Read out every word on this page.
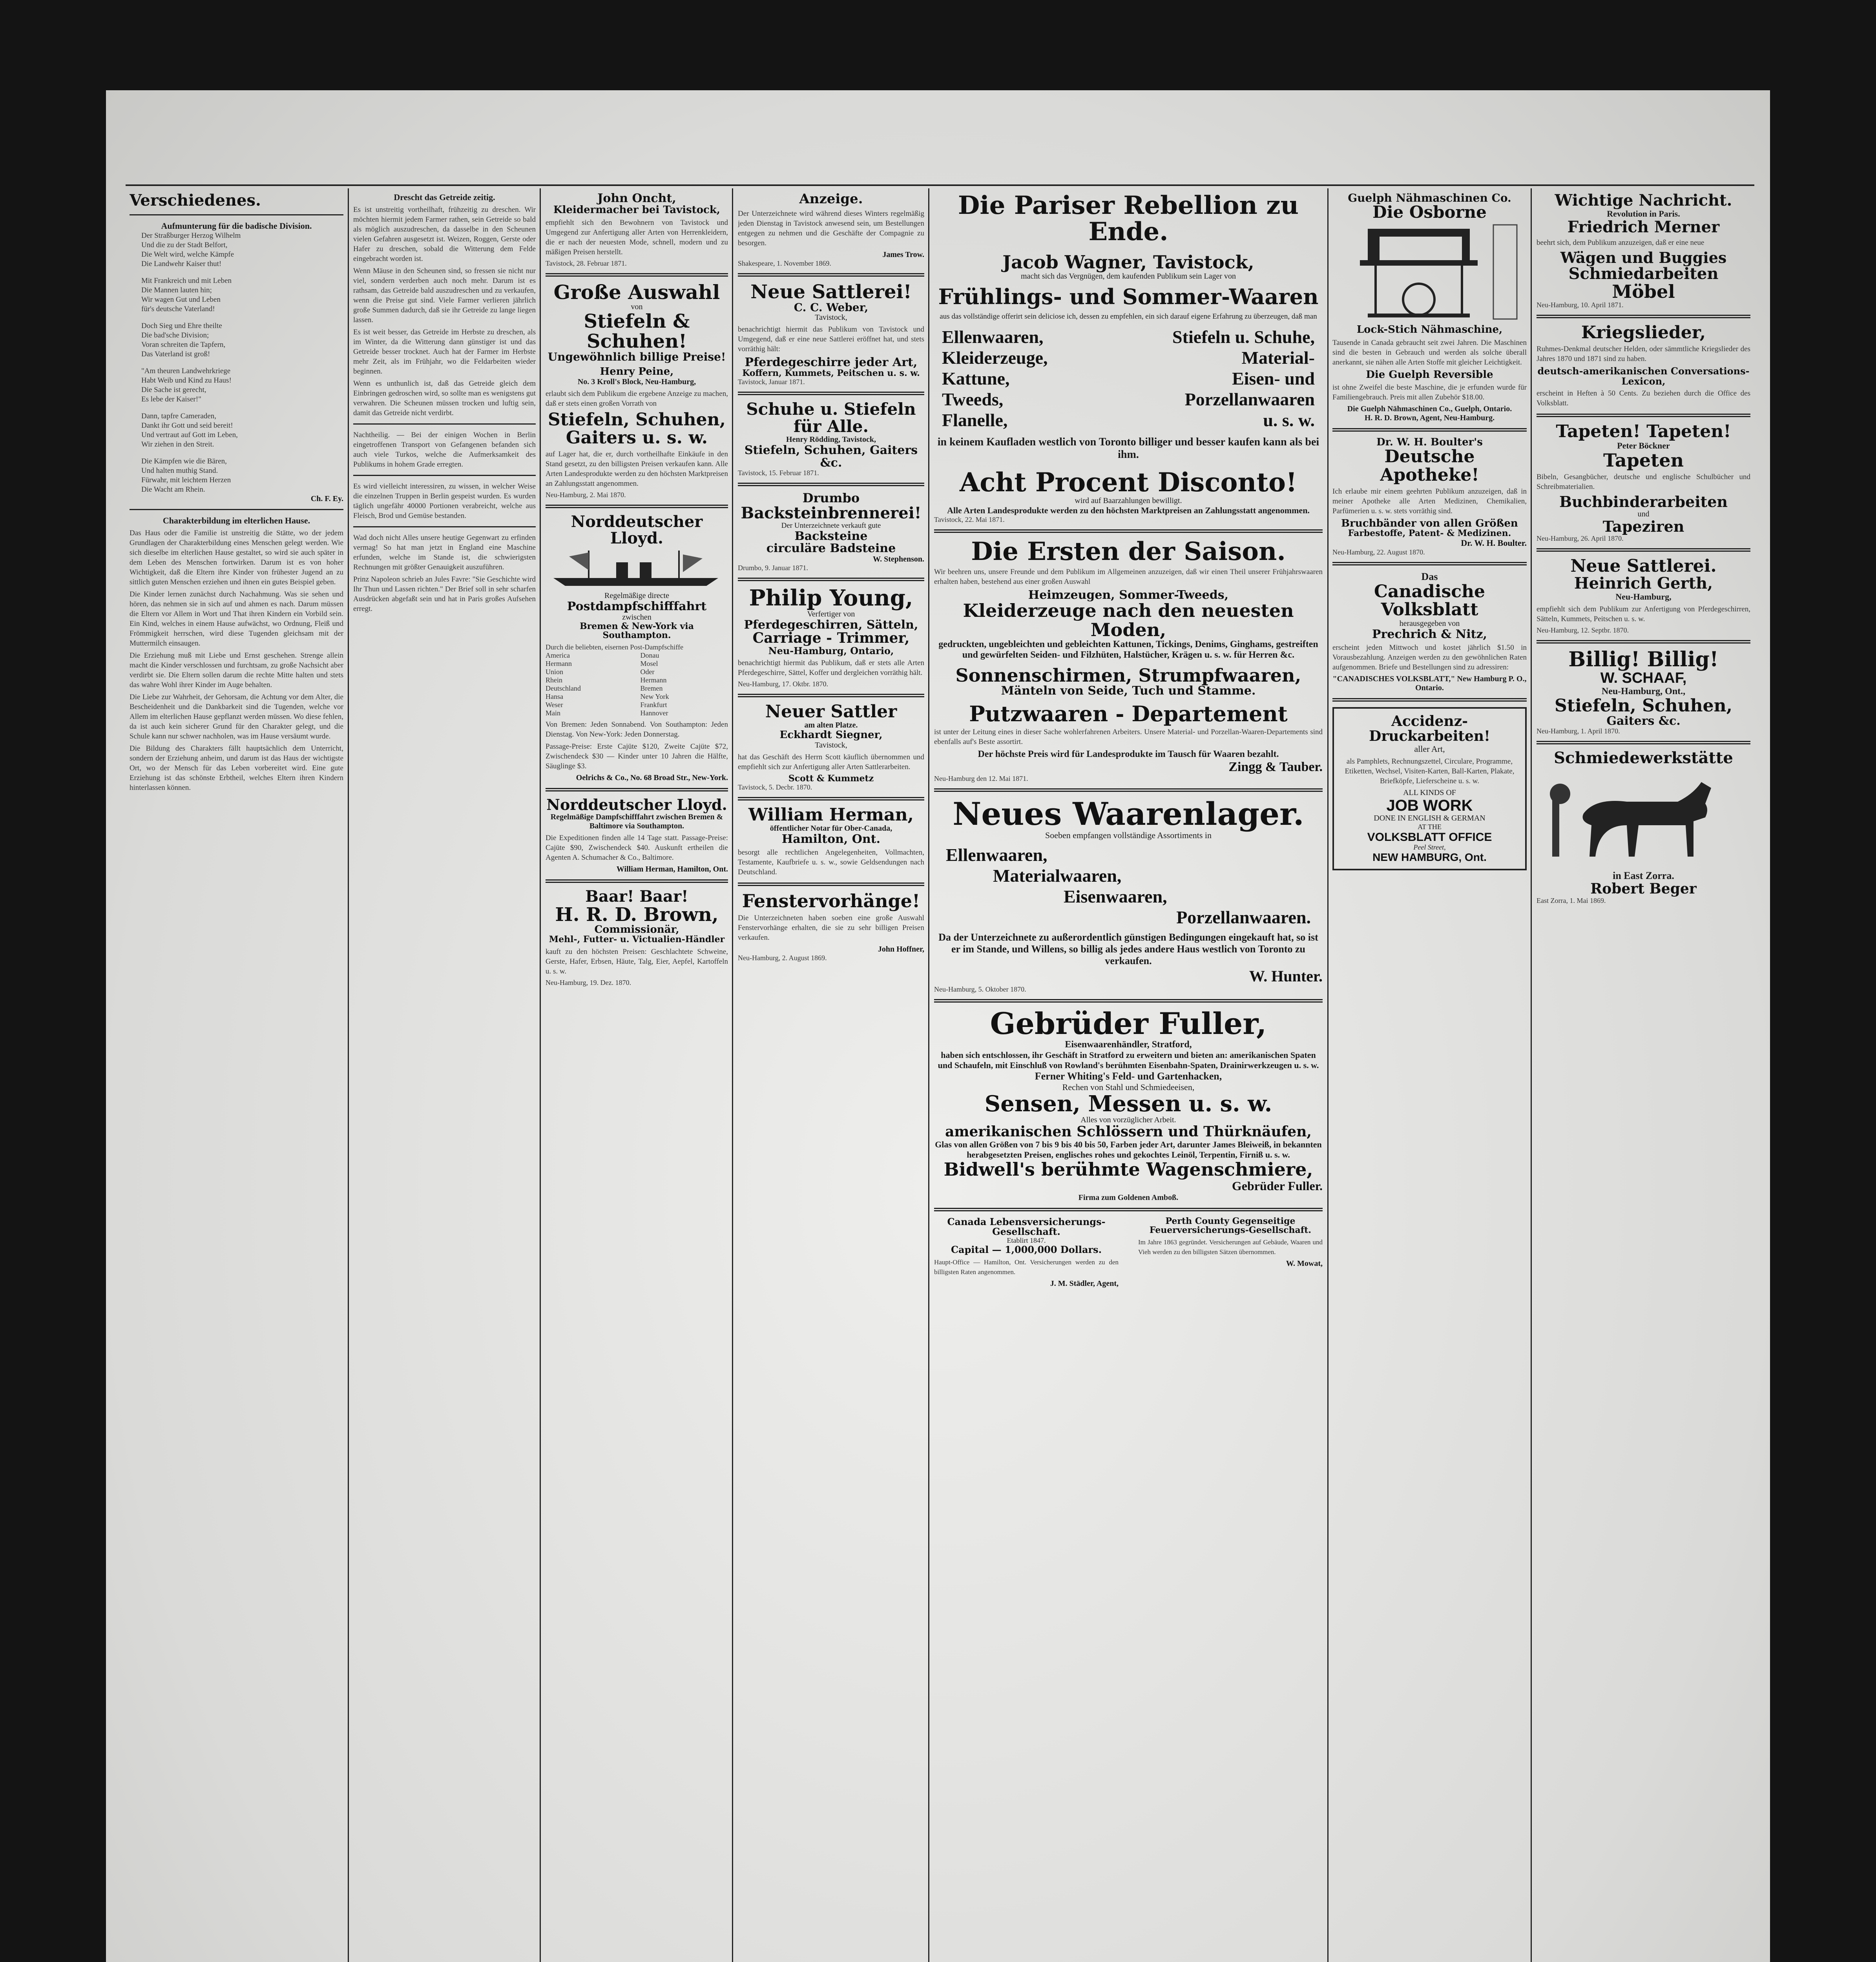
Verschiedenes.
Aufmunterung für die badische Division.
Der Straßburger Herzog Wilhelm
Und die zu der Stadt Belfort,
Die Welt wird, welche Kämpfe
Die Landwehr Kaiser thut!

Mit Frankreich und mit Leben
Die Mannen lauten hin;
Wir wagen Gut und Leben
für's deutsche Vaterland!

Doch Sieg und Ehre theilte
Die bad'sche Division;
Voran schreiten die Tapfern,
Das Vaterland ist groß!

"Am theuren Landwehrkriege
Habt Weib und Kind zu Haus!
Die Sache ist gerecht,
Es lebe der Kaiser!"

Dann, tapfre Cameraden,
Dankt ihr Gott und seid bereit!
Und vertraut auf Gott im Leben,
Wir ziehen in den Streit.

Die Kämpfen wie die Bären,
Und halten muthig Stand.
Fürwahr, mit leichtem Herzen
Die Wacht am Rhein.
Ch. F. Ey.
Charakterbildung im elterlichen Hause.

Das Haus oder die Familie ist unstreitig die Stätte, wo der jedem Grundlagen der Charakterbildung eines Menschen gelegt werden. Wie sich dieselbe im elterlichen Hause gestaltet, so wird sie auch später in dem Leben des Menschen fortwirken. Darum ist es von hoher Wichtigkeit, daß die Eltern ihre Kinder von frühester Jugend an zu sittlich guten Menschen erziehen und ihnen ein gutes Beispiel geben.

Die Kinder lernen zunächst durch Nachahmung. Was sie sehen und hören, das nehmen sie in sich auf und ahmen es nach. Darum müssen die Eltern vor Allem in Wort und That ihren Kindern ein Vorbild sein. Ein Kind, welches in einem Hause aufwächst, wo Ordnung, Fleiß und Frömmigkeit herrschen, wird diese Tugenden gleichsam mit der Muttermilch einsaugen.

Die Erziehung muß mit Liebe und Ernst geschehen. Strenge allein macht die Kinder verschlossen und furchtsam, zu große Nachsicht aber verdirbt sie. Die Eltern sollen darum die rechte Mitte halten und stets das wahre Wohl ihrer Kinder im Auge behalten.

Die Liebe zur Wahrheit, der Gehorsam, die Achtung vor dem Alter, die Bescheidenheit und die Dankbarkeit sind die Tugenden, welche vor Allem im elterlichen Hause gepflanzt werden müssen. Wo diese fehlen, da ist auch kein sicherer Grund für den Charakter gelegt, und die Schule kann nur schwer nachholen, was im Hause versäumt wurde.

Die Bildung des Charakters fällt hauptsächlich dem Unterricht, sondern der Erziehung anheim, und darum ist das Haus der wichtigste Ort, wo der Mensch für das Leben vorbereitet wird. Eine gute Erziehung ist das schönste Erbtheil, welches Eltern ihren Kindern hinterlassen können.

Drescht das Getreide zeitig.

Es ist unstreitig vortheilhaft, frühzeitig zu dreschen. Wir möchten hiermit jedem Farmer rathen, sein Getreide so bald als möglich auszudreschen, da dasselbe in den Scheunen vielen Gefahren ausgesetzt ist. Weizen, Roggen, Gerste oder Hafer zu dreschen, sobald die Witterung dem Felde eingebracht worden ist.

Wenn Mäuse in den Scheunen sind, so fressen sie nicht nur viel, sondern verderben auch noch mehr. Darum ist es rathsam, das Getreide bald auszudreschen und zu verkaufen, wenn die Preise gut sind. Viele Farmer verlieren jährlich große Summen dadurch, daß sie ihr Getreide zu lange liegen lassen.

Es ist weit besser, das Getreide im Herbste zu dreschen, als im Winter, da die Witterung dann günstiger ist und das Getreide besser trocknet. Auch hat der Farmer im Herbste mehr Zeit, als im Frühjahr, wo die Feldarbeiten wieder beginnen.

Wenn es unthunlich ist, daß das Getreide gleich dem Einbringen gedroschen wird, so sollte man es wenigstens gut verwahren. Die Scheunen müssen trocken und luftig sein, damit das Getreide nicht verdirbt.

Nachtheilig. — Bei der einigen Wochen in Berlin eingetroffenen Transport von Gefangenen befanden sich auch viele Turkos, welche die Aufmerksamkeit des Publikums in hohem Grade erregten.

Es wird vielleicht interessiren, zu wissen, in welcher Weise die einzelnen Truppen in Berlin gespeist wurden. Es wurden täglich ungefähr 40000 Portionen verabreicht, welche aus Fleisch, Brod und Gemüse bestanden.

Wad doch nicht Alles unsere heutige Gegenwart zu erfinden vermag! So hat man jetzt in England eine Maschine erfunden, welche im Stande ist, die schwierigsten Rechnungen mit größter Genauigkeit auszuführen.

Prinz Napoleon schrieb an Jules Favre: "Sie Geschichte wird Ihr Thun und Lassen richten." Der Brief soll in sehr scharfen Ausdrücken abgefaßt sein und hat in Paris großes Aufsehen erregt.

John Oncht,
Kleidermacher bei Tavistock,

empfiehlt sich den Bewohnern von Tavistock und Umgegend zur Anfertigung aller Arten von Herrenkleidern, die er nach der neuesten Mode, schnell, modern und zu mäßigen Preisen herstellt.

Tavistock, 28. Februar 1871.
Große Auswahl
von
Stiefeln & Schuhen!
Ungewöhnlich billige Preise!
Henry Peine,
No. 3 Kroll's Block, Neu-Hamburg,

erlaubt sich dem Publikum die ergebene Anzeige zu machen, daß er stets einen großen Vorrath von

Stiefeln, Schuhen, Gaiters u. s. w.

auf Lager hat, die er, durch vortheilhafte Einkäufe in den Stand gesetzt, zu den billigsten Preisen verkaufen kann. Alle Arten Landesprodukte werden zu den höchsten Marktpreisen an Zahlungsstatt angenommen.

Neu-Hamburg, 2. Mai 1870.
Norddeutscher Lloyd.
Regelmäßige directe
Postdampfschifffahrt
zwischen
Bremen & New-York via Southampton.
Durch die beliebten, eisernen Post-Dampfschiffe
America
Hermann
Union
Rhein
Deutschland
Hansa
Weser
Main
Donau
Mosel
Oder
Hermann
Bremen
New York
Frankfurt
Hannover

Von Bremen: Jeden Sonnabend. Von Southampton: Jeden Dienstag. Von New-York: Jeden Donnerstag.

Passage-Preise: Erste Cajüte $120, Zweite Cajüte $72, Zwischendeck $30 — Kinder unter 10 Jahren die Hälfte, Säuglinge $3.

Oelrichs & Co., No. 68 Broad Str., New-York.
Norddeutscher Lloyd.
Regelmäßige Dampfschifffahrt zwischen Bremen & Baltimore via Southampton.

Die Expeditionen finden alle 14 Tage statt. Passage-Preise: Cajüte $90, Zwischendeck $40. Auskunft ertheilen die Agenten A. Schumacher & Co., Baltimore.

William Herman, Hamilton, Ont.
Baar! Baar!
H. R. D. Brown,
Commissionär,
Mehl-, Futter- u. Victualien-Händler

kauft zu den höchsten Preisen: Geschlachtete Schweine, Gerste, Hafer, Erbsen, Häute, Talg, Eier, Aepfel, Kartoffeln u. s. w.

Neu-Hamburg, 19. Dez. 1870.
Anzeige.

Der Unterzeichnete wird während dieses Winters regelmäßig jeden Dienstag in Tavistock anwesend sein, um Bestellungen entgegen zu nehmen und die Geschäfte der Compagnie zu besorgen.

James Trow.
Shakespeare, 1. November 1869.
Neue Sattlerei!
C. C. Weber,
Tavistock,

benachrichtigt hiermit das Publikum von Tavistock und Umgegend, daß er eine neue Sattlerei eröffnet hat, und stets vorräthig hält:

Pferdegeschirre jeder Art,
Koffern, Kummets, Peitschen u. s. w.
Tavistock, Januar 1871.
Schuhe u. Stiefeln für Alle.
Henry Rödding, Tavistock,
Stiefeln, Schuhen, Gaiters &c.
Tavistock, 15. Februar 1871.
Drumbo
Backsteinbrennerei!
Der Unterzeichnete verkauft gute
Backsteine
circuläre Badsteine
W. Stephenson.
Drumbo, 9. Januar 1871.
Philip Young,
Verfertiger von
Pferdegeschirren, Sätteln,
Carriage - Trimmer,
Neu-Hamburg, Ontario,

benachrichtigt hiermit das Publikum, daß er stets alle Arten Pferdegeschirre, Sättel, Koffer und dergleichen vorräthig hält.

Neu-Hamburg, 17. Oktbr. 1870.
Neuer Sattler
am alten Platze.
Eckhardt Siegner,
Tavistock,

hat das Geschäft des Herrn Scott käuflich übernommen und empfiehlt sich zur Anfertigung aller Arten Sattlerarbeiten.

Scott & Kummetz
Tavistock, 5. Decbr. 1870.
William Herman,
öffentlicher Notar für Ober-Canada,
Hamilton, Ont.

besorgt alle rechtlichen Angelegenheiten, Vollmachten, Testamente, Kaufbriefe u. s. w., sowie Geldsendungen nach Deutschland.

Fenstervorhänge!

Die Unterzeichneten haben soeben eine große Auswahl Fenstervorhänge erhalten, die sie zu sehr billigen Preisen verkaufen.

John Hoffner,
Neu-Hamburg, 2. August 1869.
Die Pariser Rebellion zu Ende.
Jacob Wagner, Tavistock,
macht sich das Vergnügen, dem kaufenden Publikum sein Lager von
Frühlings- und Sommer-Waaren
aus das vollständige offerirt sein deliciose ich, dessen zu empfehlen, ein sich darauf eigene Erfahrung zu überzeugen, daß man
Ellenwaaren,
Kleiderzeuge,
Kattune,
Tweeds,
Flanelle,
Stiefeln u. Schuhe,
Material-
Eisen- und
Porzellanwaaren
u. s. w.
in keinem Kaufladen westlich von Toronto billiger und besser kaufen kann als bei ihm.
Acht Procent Disconto!
wird auf Baarzahlungen bewilligt.
Alle Arten Landesprodukte werden zu den höchsten Marktpreisen an Zahlungsstatt angenommen.
Tavistock, 22. Mai 1871.
Die Ersten der Saison.

Wir beehren uns, unsere Freunde und dem Publikum im Allgemeinen anzuzeigen, daß wir einen Theil unserer Frühjahrswaaren erhalten haben, bestehend aus einer großen Auswahl

Heimzeugen, Sommer-Tweeds,
Kleiderzeuge nach den neuesten Moden,
gedruckten, ungebleichten und gebleichten Kattunen, Tickings, Denims, Ginghams, gestreiften und gewürfelten Seiden- und Filzhüten, Halstücher, Krägen u. s. w. für Herren &c.
Sonnenschirmen, Strumpfwaaren,
Mänteln von Seide, Tuch und Stamme.
Putzwaaren - Departement

ist unter der Leitung eines in dieser Sache wohlerfahrenen Arbeiters. Unsere Material- und Porzellan-Waaren-Departements sind ebenfalls auf's Beste assortirt.

Der höchste Preis wird für Landesprodukte im Tausch für Waaren bezahlt.
Zingg & Tauber.
Neu-Hamburg den 12. Mai 1871.
Neues Waarenlager.
Soeben empfangen vollständige Assortiments in
Ellenwaaren,
Materialwaaren,
Eisenwaaren,
Porzellanwaaren.
Da der Unterzeichnete zu außerordentlich günstigen Bedingungen eingekauft hat, so ist er im Stande, und Willens, so billig als jedes andere Haus westlich von Toronto zu verkaufen.
W. Hunter.
Neu-Hamburg, 5. Oktober 1870.
Gebrüder Fuller,
Eisenwaarenhändler, Stratford,
haben sich entschlossen, ihr Geschäft in Stratford zu erweitern und bieten an: amerikanischen Spaten und Schaufeln, mit Einschluß von Rowland's berühmten Eisenbahn-Spaten, Drainirwerkzeugen u. s. w.
Ferner Whiting's Feld- und Gartenhacken,
Rechen von Stahl und Schmiedeeisen,
Sensen, Messen u. s. w.
Alles von vorzüglicher Arbeit.
amerikanischen Schlössern und Thürknäufen,
Glas von allen Größen von 7 bis 9 bis 40 bis 50, Farben jeder Art, darunter James Bleiweiß, in bekannten herabgesetzten Preisen, englisches rohes und gekochtes Leinöl, Terpentin, Firniß u. s. w.
Bidwell's berühmte Wagenschmiere,
Gebrüder Fuller.
Firma zum Goldenen Amboß.
Canada Lebensversicherungs-Gesellschaft.
Etablirt 1847.
Capital — 1,000,000 Dollars.

Haupt-Office — Hamilton, Ont. Versicherungen werden zu den billigsten Raten angenommen.

J. M. Städler, Agent,
Perth County Gegenseitige Feuerversicherungs-Gesellschaft.

Im Jahre 1863 gegründet. Versicherungen auf Gebäude, Waaren und Vieh werden zu den billigsten Sätzen übernommen.

W. Mowat,
Guelph Nähmaschinen Co.
Die Osborne
Lock-Stich Nähmaschine,

Tausende in Canada gebraucht seit zwei Jahren. Die Maschinen sind die besten in Gebrauch und werden als solche überall anerkannt, sie nähen alle Arten Stoffe mit gleicher Leichtigkeit.

Die Guelph Reversible

ist ohne Zweifel die beste Maschine, die je erfunden wurde für Familiengebrauch. Preis mit allen Zubehör $18.00.

Die Guelph Nähmaschinen Co., Guelph, Ontario.
H. R. D. Brown, Agent, Neu-Hamburg.
Dr. W. H. Boulter's
Deutsche Apotheke!

Ich erlaube mir einem geehrten Publikum anzuzeigen, daß in meiner Apotheke alle Arten Medizinen, Chemikalien, Parfümerien u. s. w. stets vorräthig sind.

Bruchbänder von allen Größen
Farbestoffe, Patent- & Medizinen.
Dr. W. H. Boulter.
Neu-Hamburg, 22. August 1870.
Das
Canadische Volksblatt
herausgegeben von
Prechrich & Nitz,

erscheint jeden Mittwoch und kostet jährlich $1.50 in Vorausbezahlung. Anzeigen werden zu den gewöhnlichen Raten aufgenommen. Briefe und Bestellungen sind zu adressiren:

"CANADISCHES VOLKSBLATT," New Hamburg P. O., Ontario.
Accidenz-Druckarbeiten!
aller Art,

als Pamphlets, Rechnungszettel, Circulare, Programme, Etiketten, Wechsel, Visiten-Karten, Ball-Karten, Plakate, Briefköpfe, Lieferscheine u. s. w.

ALL KINDS OF
JOB WORK
DONE IN ENGLISH & GERMAN
AT THE
VOLKSBLATT OFFICE
Peel Street,
NEW HAMBURG, Ont.
Wichtige Nachricht.
Revolution in Paris.
Friedrich Merner

beehrt sich, dem Publikum anzuzeigen, daß er eine neue

Wägen und Buggies
Schmiedarbeiten
Möbel
Neu-Hamburg, 10. April 1871.
Kriegslieder,

Ruhmes-Denkmal deutscher Helden, oder sämmtliche Kriegslieder des Jahres 1870 und 1871 sind zu haben.

deutsch-amerikanischen Conversations-Lexicon,

erscheint in Heften à 50 Cents. Zu beziehen durch die Office des Volksblatt.

Tapeten! Tapeten!
Peter Böckner
Tapeten

Bibeln, Gesangbücher, deutsche und englische Schulbücher und Schreibmaterialien.

Buchbinderarbeiten
und
Tapeziren
Neu-Hamburg, 26. April 1870.
Neue Sattlerei.
Heinrich Gerth,
Neu-Hamburg,

empfiehlt sich dem Publikum zur Anfertigung von Pferdegeschirren, Sätteln, Kummets, Peitschen u. s. w.

Neu-Hamburg, 12. Septbr. 1870.
Billig! Billig!
W. SCHAAF,
Neu-Hamburg, Ont.,
Stiefeln, Schuhen,
Gaiters &c.
Neu-Hamburg, 1. April 1870.
Schmiedewerkstätte
in East Zorra.
Robert Beger
East Zorra, 1. Mai 1869.
